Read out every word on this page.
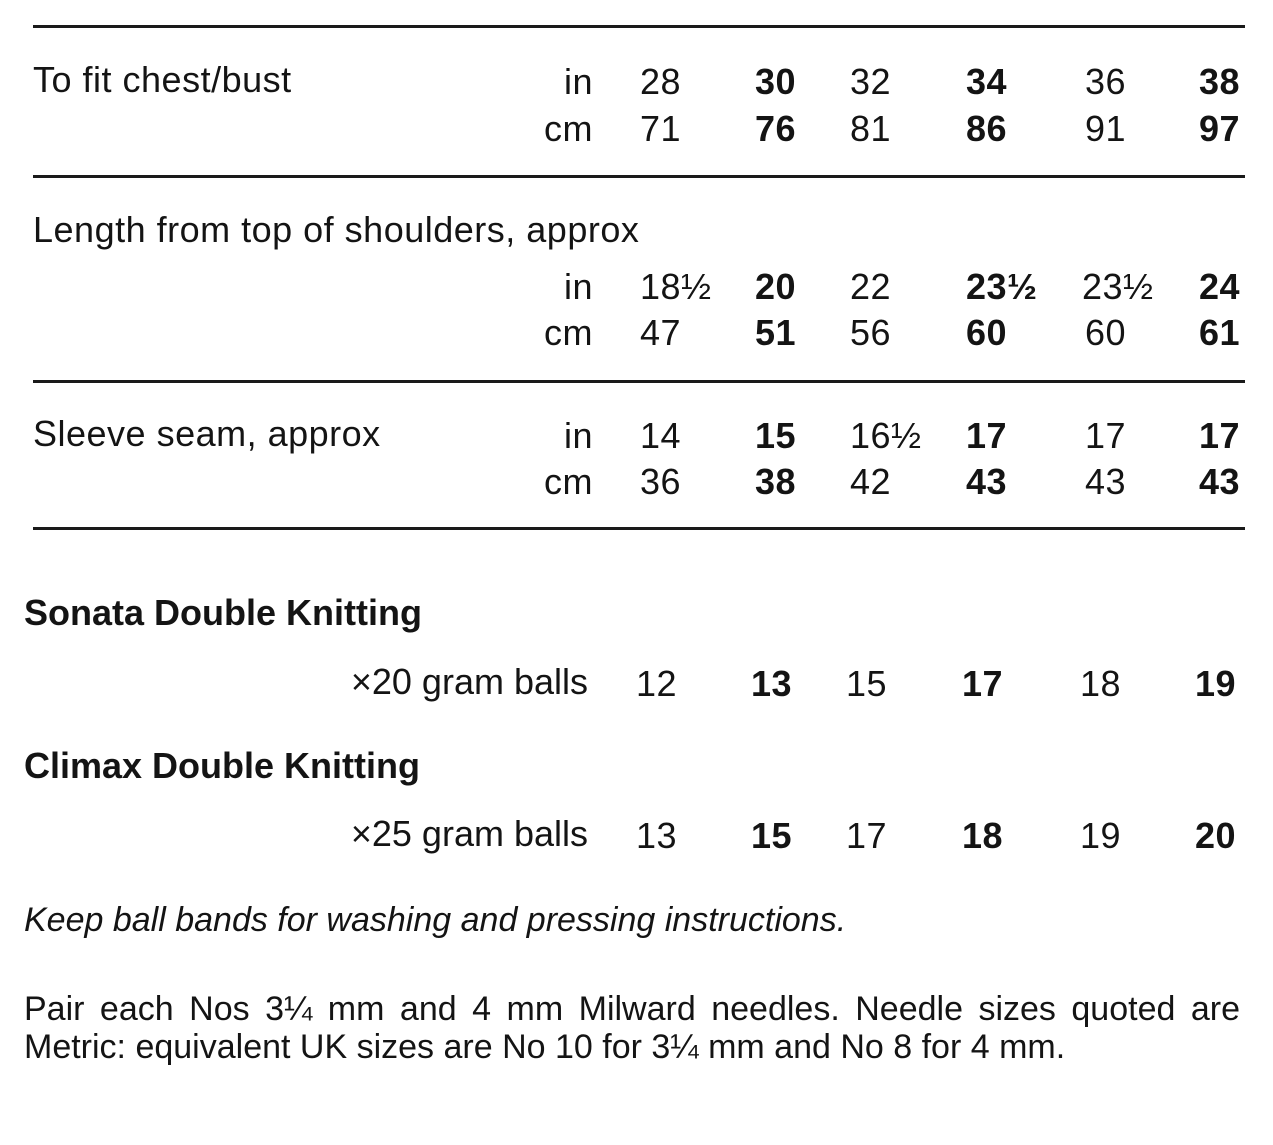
To fit chest/bust	in
cm
28 30 32 34 36 38
71 76 81 86 91 97
Length from top of shoulders, approx
in
cm
18½ 20 22 23½ 23½ 24
47 51 56 60 60 61
Sleeve seam, approx	in
cm
14 15 16½ 17 17 17
36 38 42 43 43 43
Sonata Double Knitting
×20 gram balls 12 13 15 17 18 19
Climax Double Knitting
×25 gram balls 13 15 17 18 19 20
Keep ball bands for washing and pressing instructions.
Pair each Nos 3¼ mm and 4 mm Milward needles. Needle sizes quoted are Metric: equivalent UK sizes are No 10 for 3¼ mm and No 8 for 4 mm.
